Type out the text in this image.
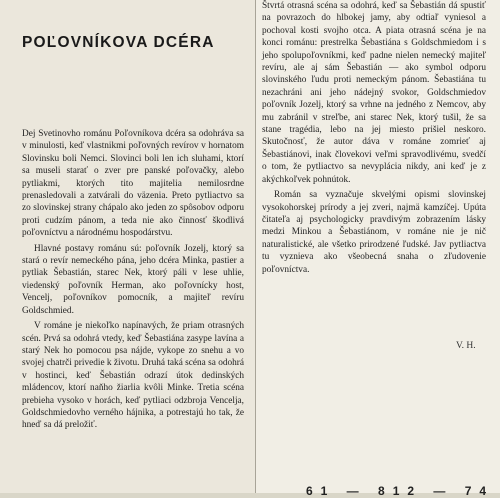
POĽOVNÍKOVA DCÉRA

Dej Svetinovho románu Poľovníkova dcéra sa odohráva sa v minulosti, keď vlastnikmi poľovných revírov v hornatom Slovinsku boli Nemci. Slovinci boli len ich sluhami, ktorí sa museli starať o zver pre panské poľovačky, alebo pytliakmi, ktorých tito majitelia nemilosrdne prenasledovali a zatvárali do väzenia. Preto pytliactvo sa zo slovinskej strany chápalo ako jeden zo spôsobov odporu proti cudzím pánom, a teda nie ako činnosť škodlivá poľovníctvu a národnému hospodárstvu.

Hlavné postavy románu sú: poľovník Jozelj, ktorý sa stará o revír nemeckého pána, jeho dcéra Minka, pastier a pytliak Šebastián, starec Nek, ktorý páli v lese uhlie, viedenský poľovník Herman, ako poľovnícky host, Vencelj, poľovníkov pomocník, a majiteľ revíru Goldschmied.

V románe je niekoľko napínavých, že priam otrasných scén. Prvá sa odohrá vtedy, keď Šebastiána zasype lavína a starý Nek ho pomocou psa nájde, vykope zo snehu a vo svojej chatrči privedie k životu. Druhá taká scéna sa odohrá v hostinci, keď Šebastián odrazí útok dedinských mládencov, ktorí naňho žiarlia kvôli Minke. Tretia scéna prebieha vysoko v horách, keď pytliaci odzbroja Vencelja, Goldschmiedovho verného hájnika, a potrestajú ho tak, že hneď sa dá preložiť.

Štvrtá otrasná scéna sa odohrá, keď sa Šebastián dá spustiť na povrazoch do hlbokej jamy, aby odtiaľ vyniesol a pochoval kosti svojho otca. A piata otrasná scéna je na konci románu: prestrelka Šebastiána s Goldschmiedom i s jeho spolupoľovníkmi, keď padne nielen nemecký majiteľ revíru, ale aj sám Šebastián — ako symbol odporu slovinského ľudu proti nemeckým pánom. Šebastiána tu nezachráni ani jeho nádejný svokor, Goldschmiedov poľovník Jozelj, ktorý sa vrhne na jedného z Nemcov, aby mu zabránil v streľbe, ani starec Nek, ktorý tušil, že sa stane tragédia, lebo na jej miesto prišiel neskoro. Skutočnosť, že autor dáva v románe zomrieť aj Šebastiánovi, inak človekovi veľmi spravodlivému, svedčí o tom, že pytliactvo sa nevyplácia nikdy, ani keď je z akýchkoľvek pohnútok.

Román sa vyznačuje skvelými opismi slovinskej vysokohorskej prírody a jej zveri, najmä kamzíčej. Upúta čitateľa aj psychologicky pravdivým zobrazením lásky medzi Minkou a Šebastiánom, v románe nie je nič naturalistické, ale všetko prirodzené ľudské. Jav pytliactva tu vyznieva ako všeobecná snaha o zľudovenie poľovníctva.

V. H.

61 — 812 — 74
